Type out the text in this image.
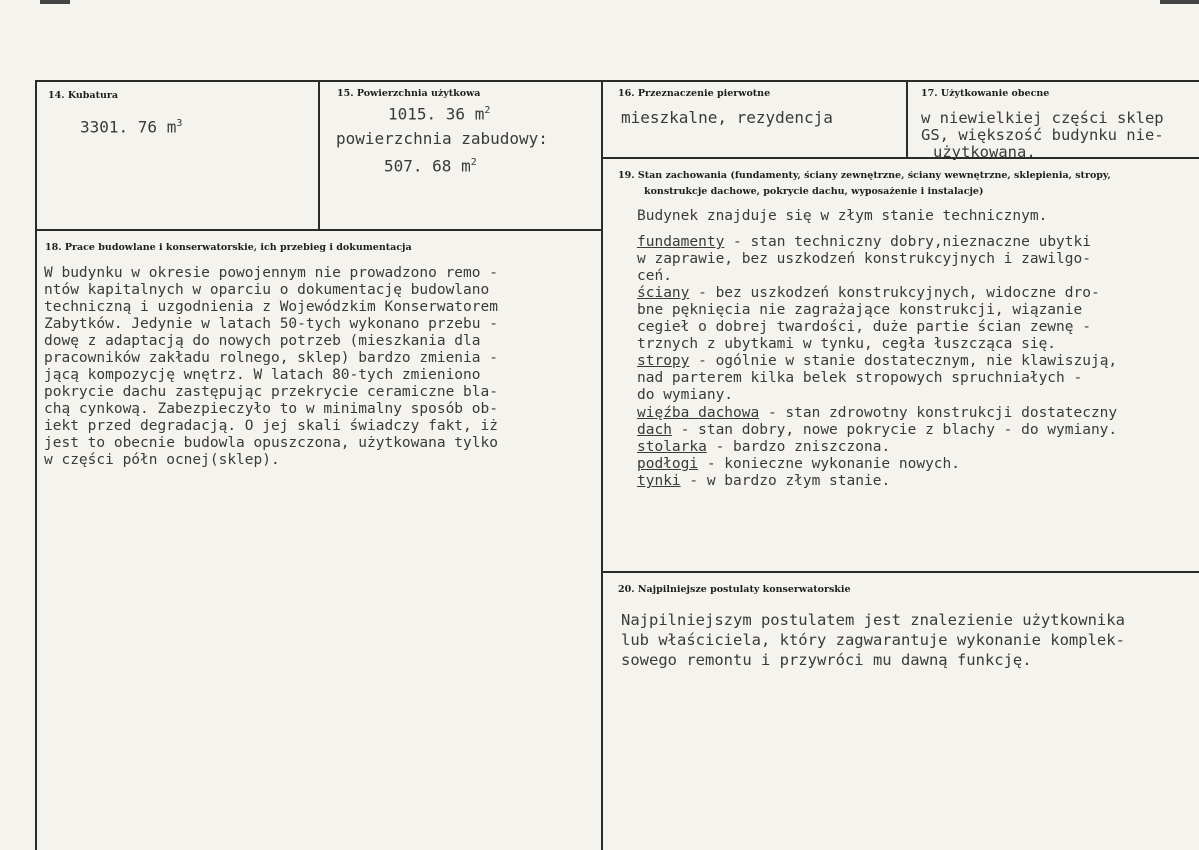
14. Kubatura
3301. 76 $m^3$
15. Powierzchnia użytkowa
1015. 36 $m^2$
powierzchnia zabudowy:
507. 68 $m^2$
16. Przeznaczenie pierwotne
mieszkalne, rezydencja
17. Użytkowanie obecne
w niewielkiej części sklep
GS, większość budynku nie-
użytkowana.
18. Prace budowlane i konserwatorskie, ich przebieg i dokumentacja
W budynku w okresie powojennym nie prowadzono remo -
ntów kapitalnych w oparciu o dokumentację budowlano
techniczną i uzgodnienia z Wojewódzkim Konserwatorem
Zabytków. Jedynie w latach 50-tych wykonano przebu -
dowę z adaptacją do nowych potrzeb (mieszkania dla
pracowników zakładu rolnego, sklep) bardzo zmienia -
jącą kompozycję wnętrz. W latach 80-tych zmieniono
pokrycie dachu zastępując przekrycie ceramiczne bla-
chą cynkową. Zabezpieczyło to w minimalny sposób ob-
iekt przed degradacją. O jej skali świadczy fakt, iż
jest to obecnie budowla opuszczona, użytkowana tylko
w części półn ocnej(sklep).
19. Stan zachowania (fundamenty, ściany zewnętrzne, ściany wewnętrzne, sklepienia, stropy,
konstrukcje dachowe, pokrycie dachu, wyposażenie i instalacje)
Budynek znajduje się w złym stanie technicznym.
fundamenty - stan techniczny dobry,nieznaczne ubytki
w zaprawie, bez uszkodzeń konstrukcyjnych i zawilgo-
ceń.
ściany - bez uszkodzeń konstrukcyjnych, widoczne dro-
bne pęknięcia nie zagrażające konstrukcji, wiązanie
cegieł o dobrej twardości, duże partie ścian zewnę -
trznych z ubytkami w tynku, cegła łuszcząca się.
stropy - ogólnie w stanie dostatecznym, nie klawiszują,
nad parterem kilka belek stropowych spruchniałych -
do wymiany.
więźba dachowa - stan zdrowotny konstrukcji dostateczny
dach - stan dobry, nowe pokrycie z blachy - do wymiany.
stolarka - bardzo zniszczona.
podłogi - konieczne wykonanie nowych.
tynki - w bardzo złym stanie.
20. Najpilniejsze postulaty konserwatorskie
Najpilniejszym postulatem jest znalezienie użytkownika
lub właściciela, który zagwarantuje wykonanie komplek-
sowego remontu i przywróci mu dawną funkcję.
